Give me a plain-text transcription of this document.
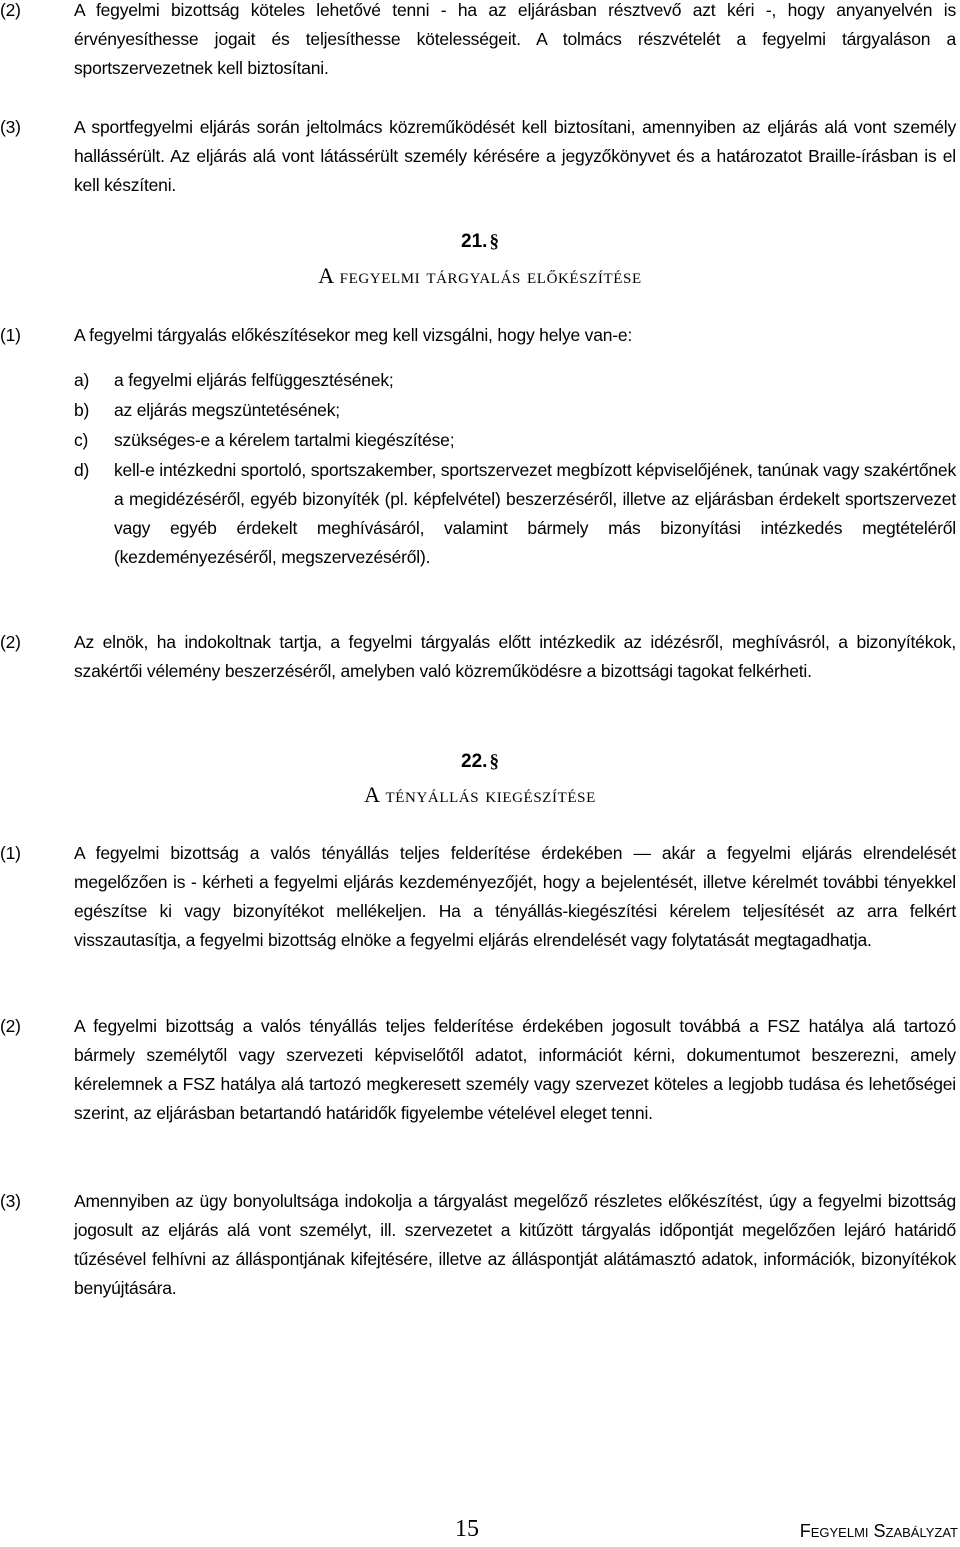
(2)	A fegyelmi bizottság köteles lehetővé tenni - ha az eljárásban résztvevő azt kéri -, hogy anyanyelvén is érvényesíthesse jogait és teljesíthesse kötelességeit. A tolmács részvételét a fegyelmi tárgyaláson a sportszervezetnek kell biztosítani.
(3)	A sportfegyelmi eljárás során jeltolmács közreműködését kell biztosítani, amennyiben az eljárás alá vont személy hallássérült. Az eljárás alá vont látássérült személy kérésére a jegyzőkönyvet és a határozatot Braille-írásban is el kell készíteni.
21. §
A fegyelmi tárgyalás előkészítése
(1)	A fegyelmi tárgyalás előkészítésekor meg kell vizsgálni, hogy helye van-e:
a) a fegyelmi eljárás felfüggesztésének;
b) az eljárás megszüntetésének;
c) szükséges-e a kérelem tartalmi kiegészítése;
d) kell-e intézkedni sportoló, sportszakember, sportszervezet megbízott képviselőjének, tanúnak vagy szakértőnek a megidézéséről, egyéb bizonyíték (pl. képfelvétel) beszerzéséről, illetve az eljárásban érdekelt sportszervezet vagy egyéb érdekelt meghívásáról, valamint bármely más bizonyítási intézkedés megtételéről (kezdeményezéséről, megszervezéséről).
(2)	Az elnök, ha indokoltnak tartja, a fegyelmi tárgyalás előtt intézkedik az idézésről, meghívásról, a bizonyítékok, szakértői vélemény beszerzéséről, amelyben való közreműködésre a bizottsági tagokat felkérheti.
22. §
A tényállás kiegészítése
(1)	A fegyelmi bizottság a valós tényállás teljes felderítése érdekében — akár a fegyelmi eljárás elrendelését megelőzően is - kérheti a fegyelmi eljárás kezdeményezőjét, hogy a bejelentését, illetve kérelmét további tényekkel egészítse ki vagy bizonyítékot mellékeljen. Ha a tényállás-kiegészítési kérelem teljesítését az arra felkért visszautasítja, a fegyelmi bizottság elnöke a fegyelmi eljárás elrendelését vagy folytatását megtagadhatja.
(2)	A fegyelmi bizottság a valós tényállás teljes felderítése érdekében jogosult továbbá a FSZ hatálya alá tartozó bármely személytől vagy szervezeti képviselőtől adatot, információt kérni, dokumentumot beszerezni, amely kérelemnek a FSZ hatálya alá tartozó megkeresett személy vagy szervezet köteles a legjobb tudása és lehetőségei szerint, az eljárásban betartandó határidők figyelembe vételével eleget tenni.
(3)	Amennyiben az ügy bonyolultsága indokolja a tárgyalást megelőző részletes előkészítést, úgy a fegyelmi bizottság jogosult az eljárás alá vont személyt, ill. szervezetet a kitűzött tárgyalás időpontját megelőzően lejáró határidő tűzésével felhívni az álláspontjának kifejtésére, illetve az álláspontját alátámasztó adatok, információk, bizonyítékok benyújtására.
15	Fegyelmi Szabályzat
